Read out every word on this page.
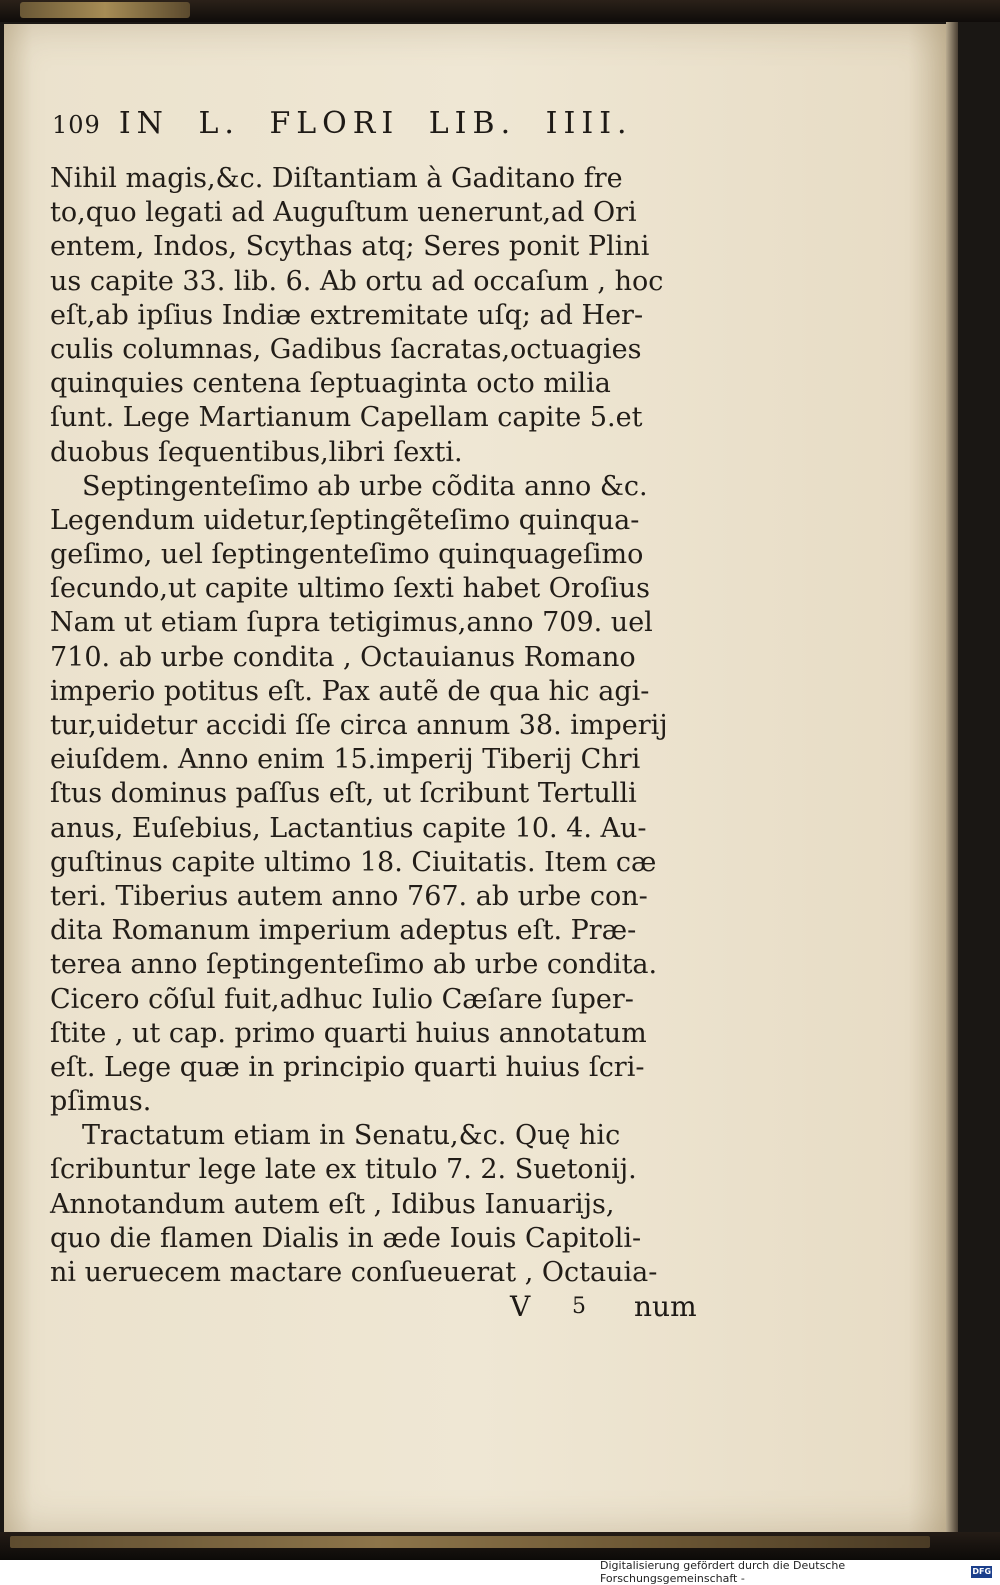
109 IN L. FLORI LIB. IIII.
Nihil magis,&c. Diſtantiam à Gaditano fre
to,quo legati ad Auguſtum uenerunt,ad Ori
entem, Indos, Scythas atq; Seres ponit Plini
us capite 33. lib. 6. Ab ortu ad occaſum , hoc
eſt,ab ipſius Indiæ extremitate uſq; ad Her-
culis columnas, Gadibus ſacratas,octuagies
quinquies centena ſeptuaginta octo milia
ſunt. Lege Martianum Capellam capite 5.et
duobus ſequentibus,libri ſexti.
Septingenteſimo ab urbe cõdita anno &c.
Legendum uidetur,ſeptingẽteſimo quinqua-
geſimo, uel ſeptingenteſimo quinquageſimo
ſecundo,ut capite ultimo ſexti habet Oroſius
Nam ut etiam ſupra tetigimus,anno 709. uel
710. ab urbe condita , Octauianus Romano
imperio potitus eſt. Pax autẽ de qua hic agi-
tur,uidetur accidi ſſe circa annum 38. imperij
eiuſdem. Anno enim 15.imperij Tiberij Chri
ſtus dominus paſſus eſt, ut ſcribunt Tertulli
anus, Euſebius, Lactantius capite 10. 4. Au-
guſtinus capite ultimo 18. Ciuitatis. Item cæ
teri. Tiberius autem anno 767. ab urbe con-
dita Romanum imperium adeptus eſt. Præ-
terea anno ſeptingenteſimo ab urbe condita.
Cicero cõſul fuit,adhuc Iulio Cæſare ſuper-
ſtite , ut cap. primo quarti huius annotatum
eſt. Lege quæ in principio quarti huius ſcri-
pſimus.
Tractatum etiam in Senatu,&c. Quę hic
ſcribuntur lege late ex titulo 7. 2. Suetonij.
Annotandum autem eſt , Idibus Ianuarijs,
quo die flamen Dialis in æde Iouis Capitoli-
ni ueruecem mactare conſueuerat , Octauia-
V 5 num
Digitalisierung gefördert durch die Deutsche Forschungsgemeinschaft -
DFG
